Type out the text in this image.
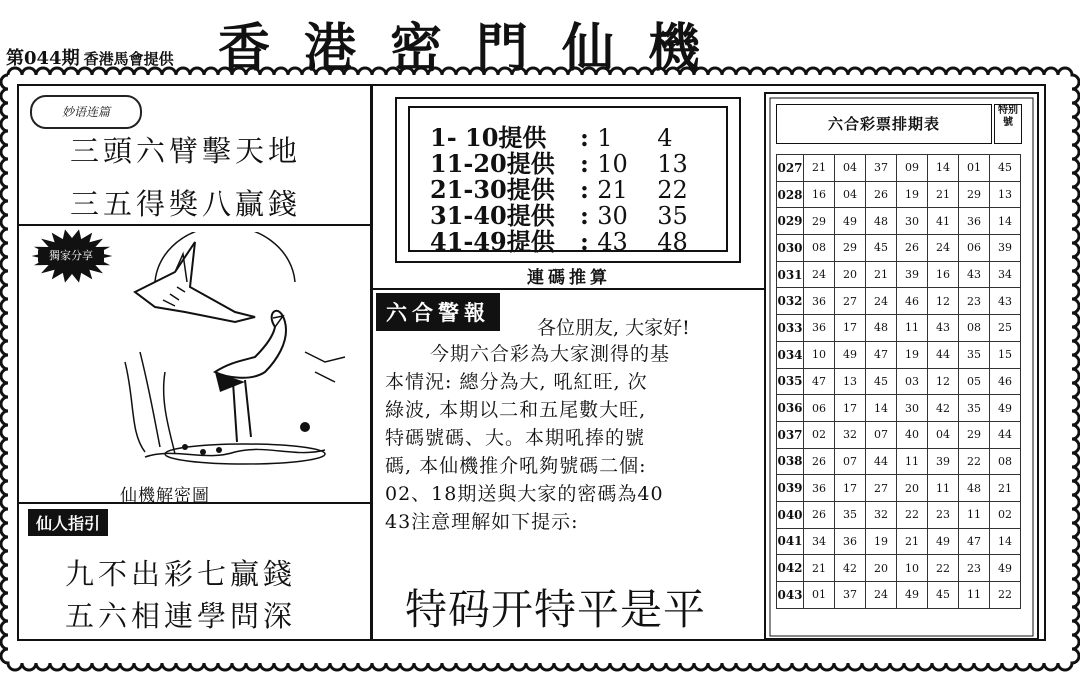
第044期 香港馬會提供 香港密門仙機
妙语连篇
三頭六臂擊天地
三五得獎八贏錢
獨家分享
仙機解密圖
仙人指引
九不出彩七贏錢
五六相連學問深
1- 10提供 : 1 4
11-20提供 : 10 13
21-30提供 : 21 22
31-40提供 : 30 35
41-49提供 : 43 48
連碼推算
六合警報
各位朋友, 大家好!
今期六合彩為大家測得的基
本情況: 總分為大, 吼紅旺, 次
綠波, 本期以二和五尾數大旺,
特碼號碼、大。本期吼捧的號
碼, 本仙機推介吼夠號碼二個:
02、18期送與大家的密碼為40
43注意理解如下提示:
特码开特平是平
六合彩票排期表
特别號
027	21	04	37	09	14	01	45
028	16	04	26	19	21	29	13
029	29	49	48	30	41	36	14
030	08	29	45	26	24	06	39
031	24	20	21	39	16	43	34
032	36	27	24	46	12	23	43
033	36	17	48	11	43	08	25
034	10	49	47	19	44	35	15
035	47	13	45	03	12	05	46
036	06	17	14	30	42	35	49
037	02	32	07	40	04	29	44
038	26	07	44	11	39	22	08
039	36	17	27	20	11	48	21
040	26	35	32	22	23	11	02
041	34	36	19	21	49	47	14
042	21	42	20	10	22	23	49
043	01	37	24	49	45	11	22
